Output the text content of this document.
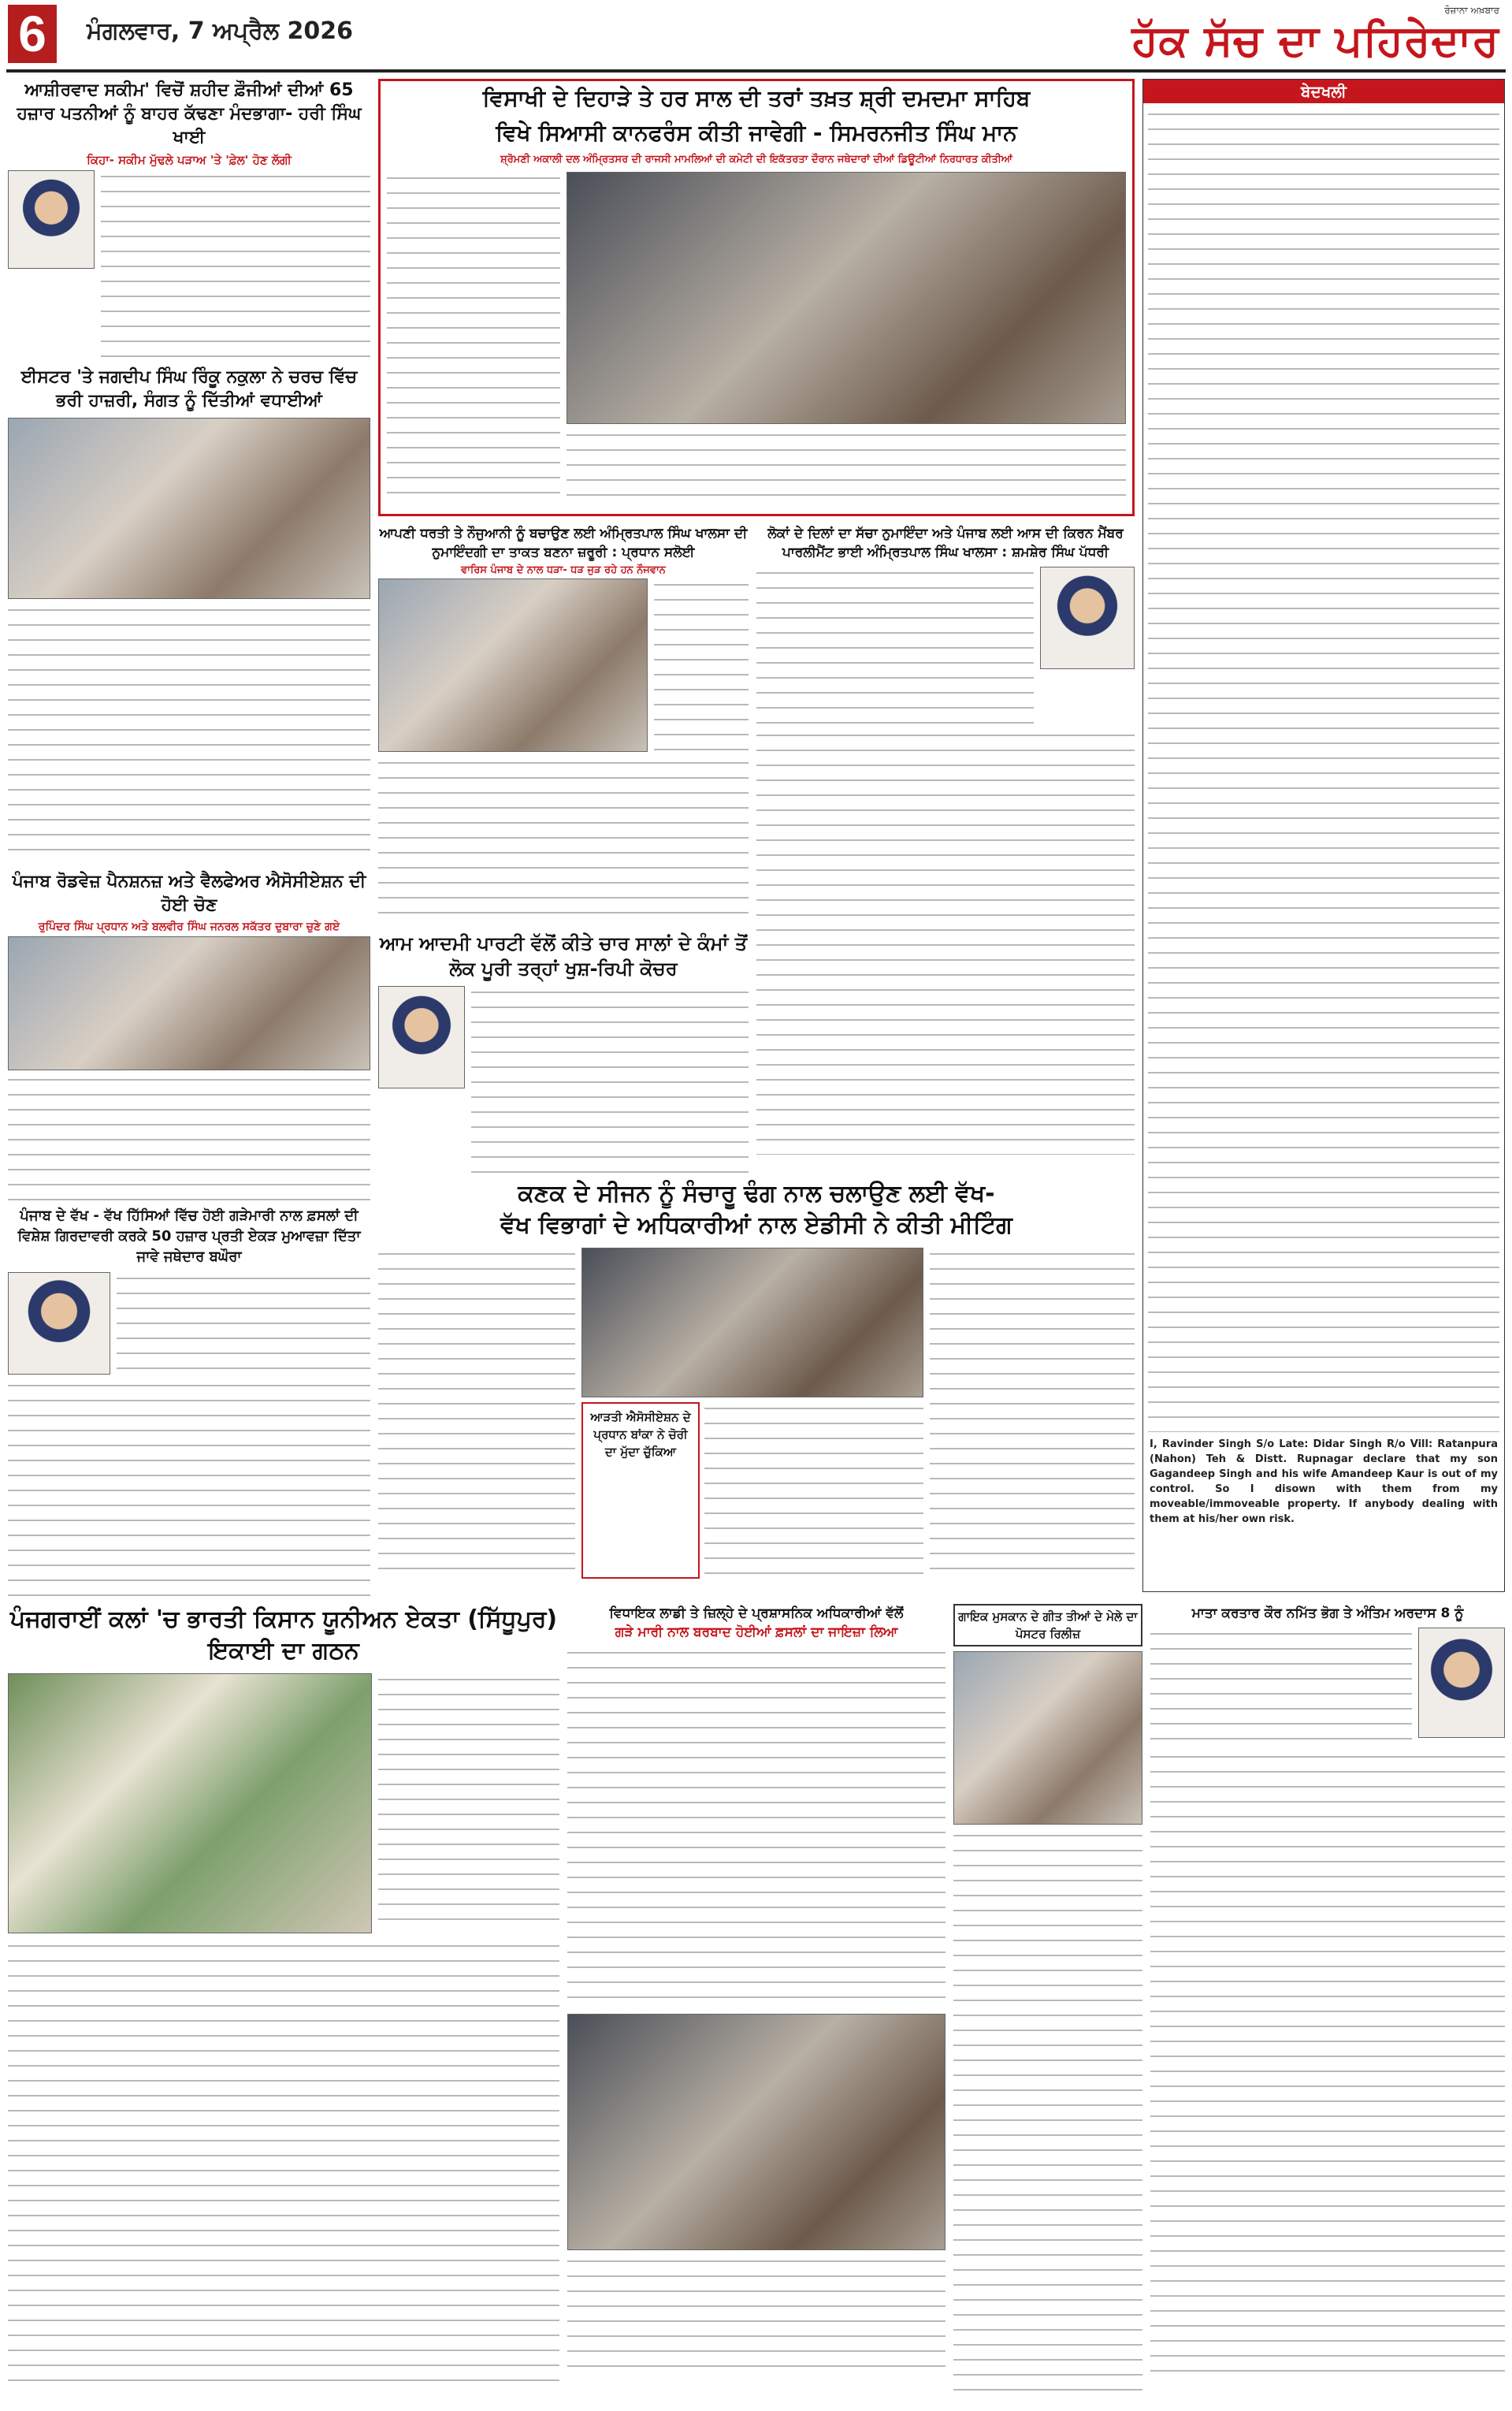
6	ਮੰਗਲਵਾਰ, 7 ਅਪ੍ਰੈਲ 2026
ਰੋਜ਼ਾਨਾ ਅਖ਼ਬਾਰ
ਹੱਕ ਸੱਚ ਦਾ ਪਹਿਰੇਦਾਰ
ਆਸ਼ੀਰਵਾਦ ਸਕੀਮ' ਵਿਚੋਂ ਸ਼ਹੀਦ ਫ਼ੌਜੀਆਂ ਦੀਆਂ 65 ਹਜ਼ਾਰ ਪਤਨੀਆਂ ਨੂੰ ਬਾਹਰ ਕੱਢਣਾ ਮੰਦਭਾਗਾ- ਹਰੀ ਸਿੰਘ ਖਾਈ
ਕਿਹਾ- ਸਕੀਮ ਮੁੱਢਲੇ ਪੜਾਅ 'ਤੇ 'ਫ਼ੇਲ' ਹੋਣ ਲੱਗੀ
ਈਸਟਰ 'ਤੇ ਜਗਦੀਪ ਸਿੰਘ ਰਿੰਕੂ ਨਕੁਲਾ ਨੇ ਚਰਚ ਵਿੱਚ ਭਰੀ ਹਾਜ਼ਰੀ, ਸੰਗਤ ਨੂੰ ਦਿੱਤੀਆਂ ਵਧਾਈਆਂ
ਪੰਜਾਬ ਰੋਡਵੇਜ਼ ਪੈਨਸ਼ਨਜ਼ ਅਤੇ ਵੈਲਫੇਅਰ ਐਸੋਸੀਏਸ਼ਨ ਦੀ ਹੋਈ ਚੋਣ
ਰੁਪਿੰਦਰ ਸਿੰਘ ਪ੍ਰਧਾਨ ਅਤੇ ਬਲਵੀਰ ਸਿੰਘ ਜਨਰਲ ਸਕੱਤਰ ਦੁਬਾਰਾ ਚੁਣੇ ਗਏ
ਪੰਜਾਬ ਦੇ ਵੱਖ - ਵੱਖ ਹਿੱਸਿਆਂ ਵਿੱਚ ਹੋਈ ਗੜੇਮਾਰੀ ਨਾਲ ਫ਼ਸਲਾਂ ਦੀ ਵਿਸ਼ੇਸ਼ ਗਿਰਦਾਵਰੀ ਕਰਕੇ 50 ਹਜ਼ਾਰ ਪ੍ਰਤੀ ਏਕੜ ਮੁਆਵਜ਼ਾ ਦਿੱਤਾ ਜਾਵੇ ਜਥੇਦਾਰ ਬਘੌਰਾ
ਵਿਸਾਖੀ ਦੇ ਦਿਹਾੜੇ ਤੇ ਹਰ ਸਾਲ ਦੀ ਤਰਾਂ ਤਖ਼ਤ ਸ਼੍ਰੀ ਦਮਦਮਾ ਸਾਹਿਬ
ਵਿਖੇ ਸਿਆਸੀ ਕਾਨਫਰੰਸ ਕੀਤੀ ਜਾਵੇਗੀ - ਸਿਮਰਨਜੀਤ ਸਿੰਘ ਮਾਨ
ਸ਼੍ਰੋਮਣੀ ਅਕਾਲੀ ਦਲ ਅੰਮ੍ਰਿਤਸਰ ਦੀ ਰਾਜਸੀ ਮਾਮਲਿਆਂ ਦੀ ਕਮੇਟੀ ਦੀ ਇਕੱਤਰਤਾ ਦੌਰਾਨ ਜਥੇਦਾਰਾਂ ਦੀਆਂ ਡਿਊਟੀਆਂ ਨਿਰਧਾਰਤ ਕੀਤੀਆਂ
ਆਪਣੀ ਧਰਤੀ ਤੇ ਨੌਜੁਆਨੀ ਨੂੰ ਬਚਾਉਣ ਲਈ ਅੰਮ੍ਰਿਤਪਾਲ ਸਿੰਘ ਖਾਲਸਾ ਦੀ ਨੁਮਾਇੰਦਗੀ ਦਾ ਤਾਕਤ ਬਣਨਾ ਜ਼ਰੂਰੀ : ਪ੍ਰਧਾਨ ਸਲੋਈ
ਵਾਰਿਸ ਪੰਜਾਬ ਦੇ ਨਾਲ ਧੜਾ- ਧੜ ਜੁੜ ਰਹੇ ਹਨ ਨੌਜਵਾਨ
ਆਮ ਆਦਮੀ ਪਾਰਟੀ ਵੱਲੋਂ ਕੀਤੇ ਚਾਰ ਸਾਲਾਂ ਦੇ ਕੰਮਾਂ ਤੋਂ ਲੋਕ ਪੂਰੀ ਤਰ੍ਹਾਂ ਖੁਸ਼-ਰਿਪੀ ਕੋਚਰ
ਲੋਕਾਂ ਦੇ ਦਿਲਾਂ ਦਾ ਸੱਚਾ ਨੁਮਾਇੰਦਾ ਅਤੇ ਪੰਜਾਬ ਲਈ ਆਸ ਦੀ ਕਿਰਨ ਮੈਂਬਰ ਪਾਰਲੀਮੈਂਟ ਭਾਈ ਅੰਮ੍ਰਿਤਪਾਲ ਸਿੰਘ ਖਾਲਸਾ : ਸ਼ਮਸ਼ੇਰ ਸਿੰਘ ਪੱਧਰੀ
ਕਣਕ ਦੇ ਸੀਜਨ ਨੂੰ ਸੰਚਾਰੂ ਢੰਗ ਨਾਲ ਚਲਾਉਣ ਲਈ ਵੱਖ-
ਵੱਖ ਵਿਭਾਗਾਂ ਦੇ ਅਧਿਕਾਰੀਆਂ ਨਾਲ ਏਡੀਸੀ ਨੇ ਕੀਤੀ ਮੀਟਿੰਗ
ਆੜਤੀ ਐਸੋਸੀਏਸ਼ਨ ਦੇ ਪ੍ਰਧਾਨ ਬਾਂਕਾ ਨੇ ਚੋਰੀ ਦਾ ਮੁੱਦਾ ਚੁੱਕਿਆ
ਬੇਦਖਲੀ
I, Ravinder Singh S/o Late: Didar Singh R/o Vill: Ratanpura (Nahon) Teh & Distt. Rupnagar declare that my son Gagandeep Singh and his wife Amandeep Kaur is out of my control. So I disown with them from my moveable/immoveable property. If anybody dealing with them at his/her own risk.
ਪੰਜਗਰਾਈਂ ਕਲਾਂ 'ਚ ਭਾਰਤੀ ਕਿਸਾਨ ਯੂਨੀਅਨ ਏਕਤਾ (ਸਿੱਧੂਪੁਰ) ਇਕਾਈ ਦਾ ਗਠਨ
ਵਿਧਾਇਕ ਲਾਡੀ ਤੇ ਜ਼ਿਲ੍ਹੇ ਦੇ ਪ੍ਰਸ਼ਾਸਨਿਕ ਅਧਿਕਾਰੀਆਂ ਵੱਲੋਂ
ਗੜੇ ਮਾਰੀ ਨਾਲ ਬਰਬਾਦ ਹੋਈਆਂ ਫ਼ਸਲਾਂ ਦਾ ਜਾਇਜ਼ਾ ਲਿਆ
ਗਾਇਕ ਮੁਸਕਾਨ ਦੇ ਗੀਤ ਤੀਆਂ ਦੇ ਮੇਲੇ ਦਾ ਪੋਸਟਰ ਰਿਲੀਜ਼
ਮਾਤਾ ਕਰਤਾਰ ਕੌਰ ਨਮਿੱਤ ਭੋਗ ਤੇ ਅੰਤਿਮ ਅਰਦਾਸ 8 ਨੂੰ
